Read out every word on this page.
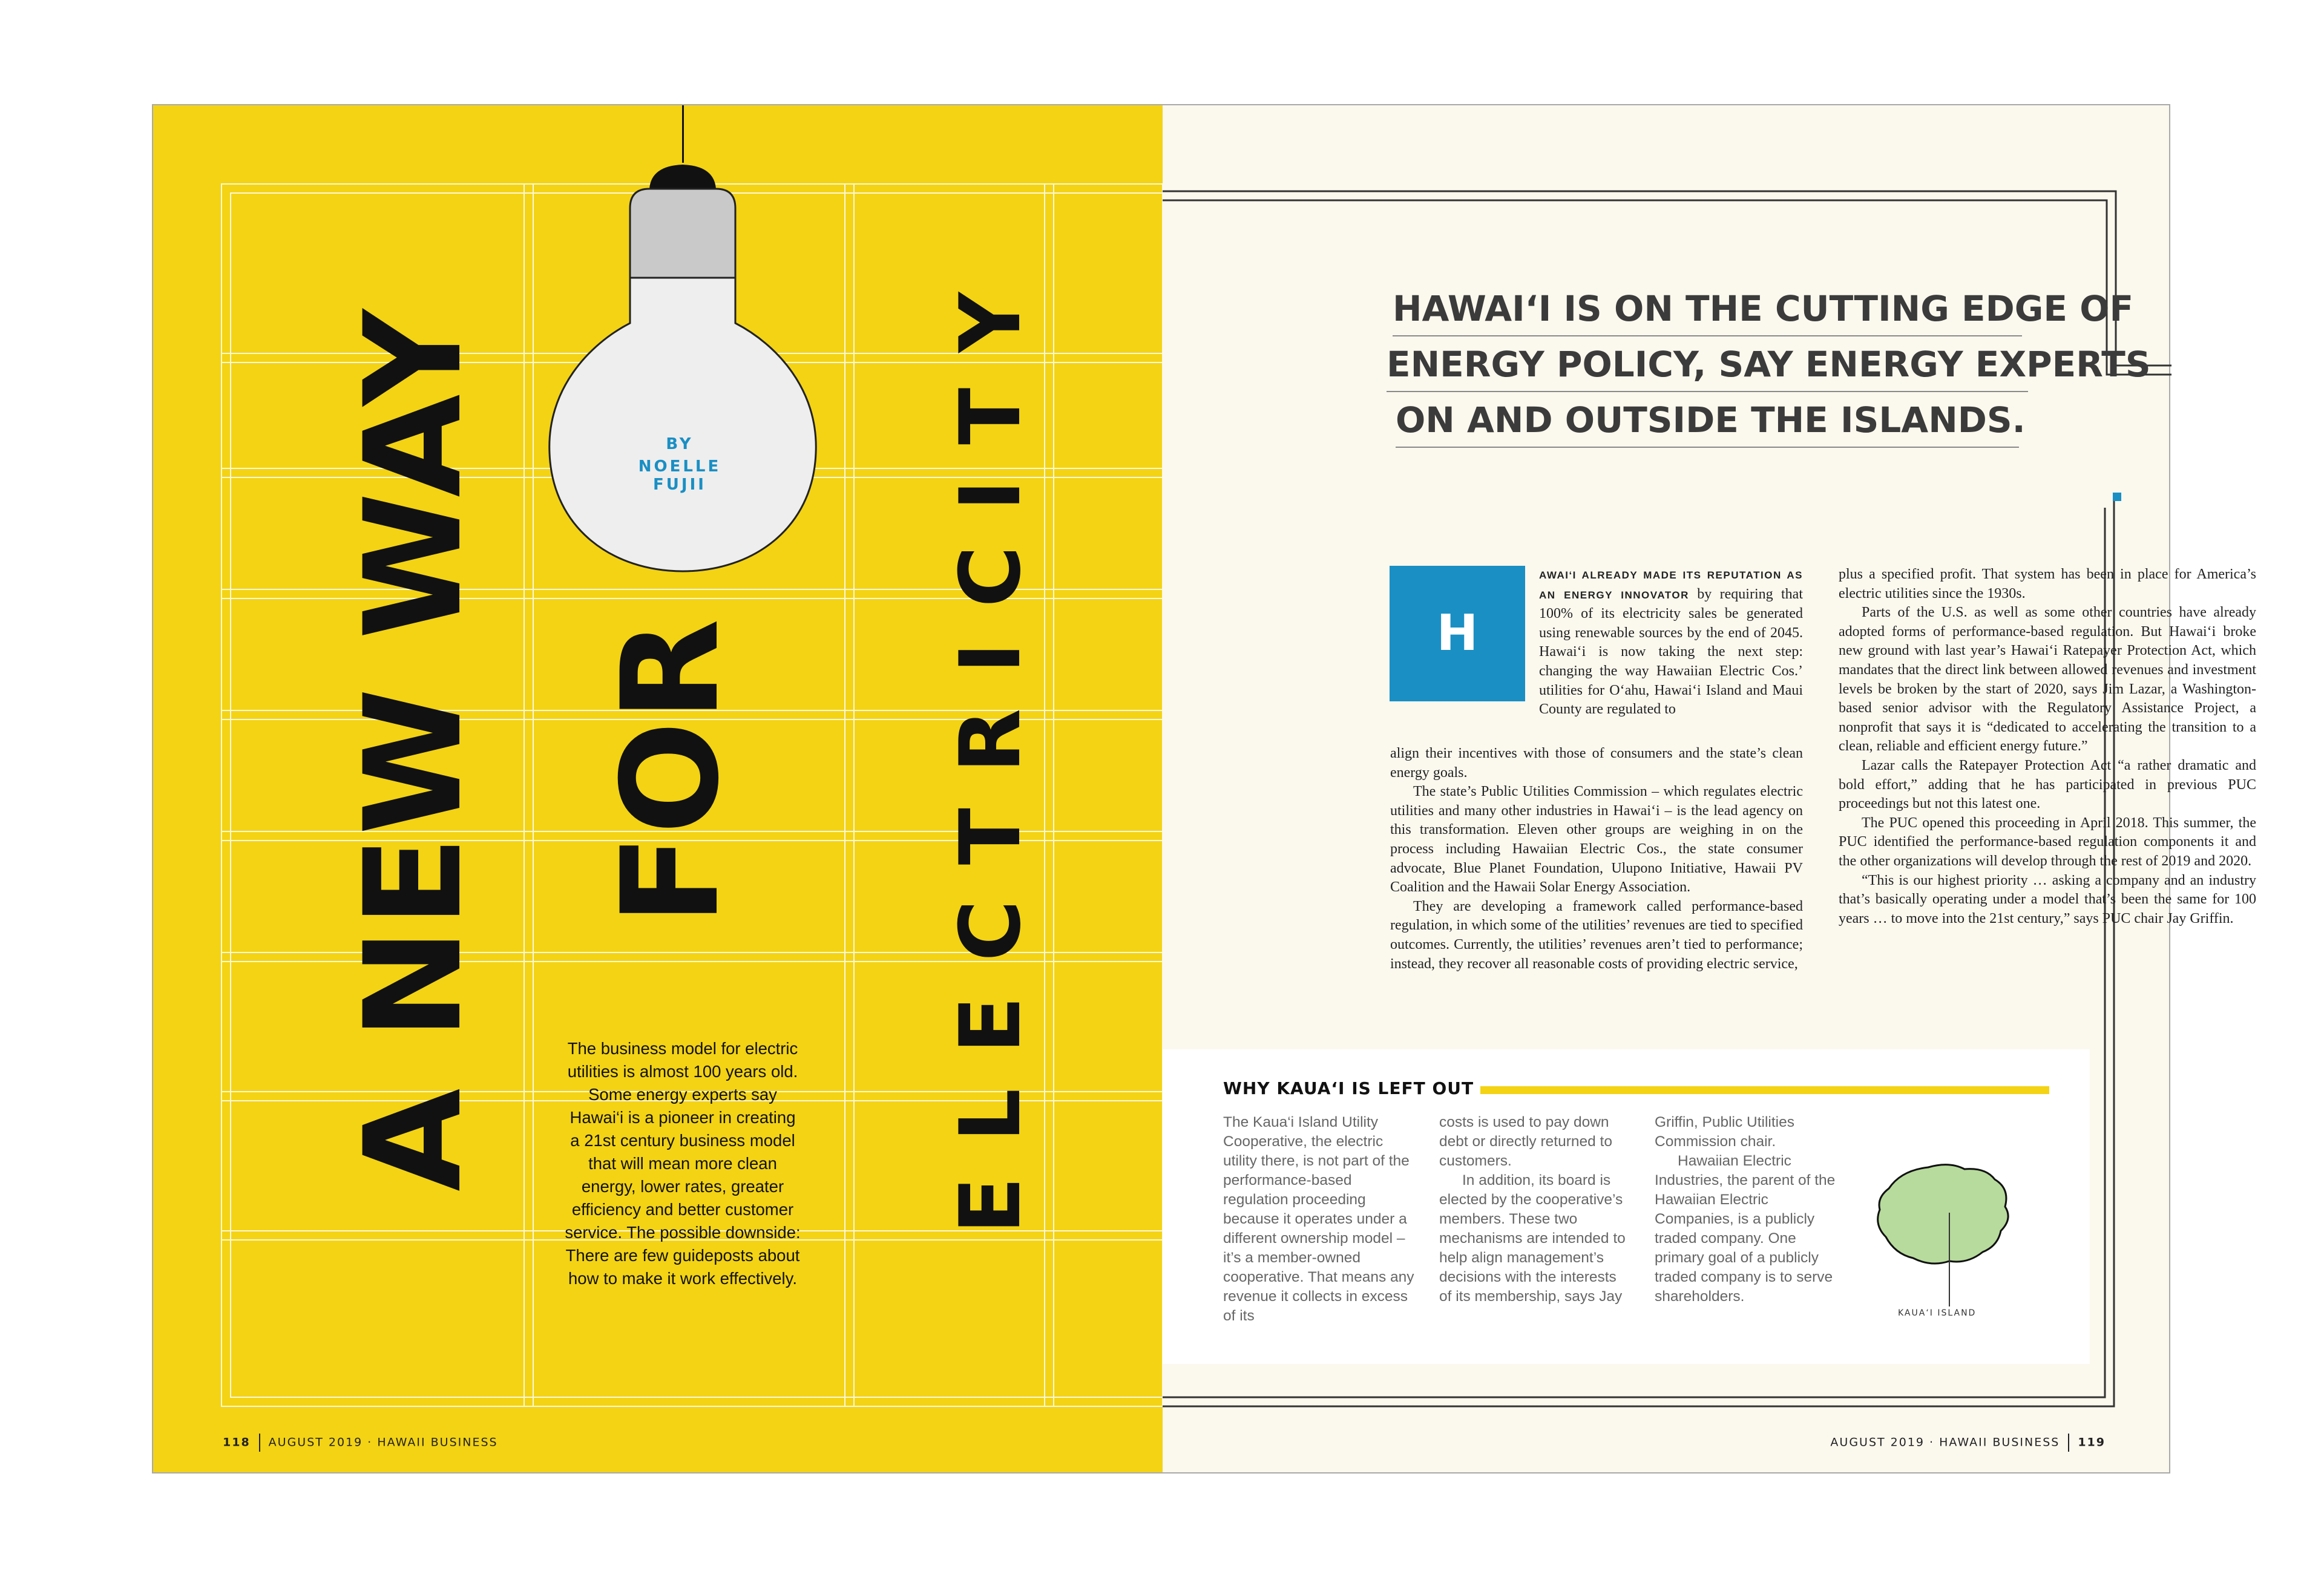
BY
NOELLE FUJII
A NEW WAY FOR ELECTRICITY
The business model for electric utilities is almost 100 years old. Some energy experts say Hawai‘i is a pioneer in creating a 21st century business model that will mean more clean energy, lower rates, greater efficiency and better customer service. The possible downside: There are few guideposts about how to make it work effectively.
118 AUGUST 2019 · HAWAII BUSINESS
HAWAI‘I IS ON THE CUTTING EDGE OF
ENERGY POLICY, SAY ENERGY EXPERTS
ON AND OUTSIDE THE ISLANDS.
H

AWAI‘I ALREADY MADE ITS REPUTATION AS AN ENERGY INNOVATOR by requiring that 100% of its electricity sales be generated using renewable sources by the end of 2045. Hawai‘i is now taking the next step: changing the way Hawaiian Electric Cos.’ utilities for O‘ahu, Hawai‘i Island and Maui County are regulated to

align their incentives with those of consumers and the state’s clean energy goals.

The state’s Public Utilities Commission – which regulates electric utilities and many other industries in Hawai‘i – is the lead agency on this transformation. Eleven other groups are weighing in on the process including Hawaiian Electric Cos., the state consumer advocate, Blue Planet Foundation, Ulupono Initiative, Hawaii PV Coalition and the Hawaii Solar Energy Association.

They are developing a framework called performance-based regulation, in which some of the utilities’ revenues are tied to specified outcomes. Currently, the utilities’ revenues aren’t tied to performance; instead, they recover all reasonable costs of providing electric service,

plus a specified profit. That system has been in place for America’s electric utilities since the 1930s.

Parts of the U.S. as well as some other countries have already adopted forms of performance-based regulation. But Hawai‘i broke new ground with last year’s Hawai‘i Ratepayer Protection Act, which mandates that the direct link between allowed revenues and investment levels be broken by the start of 2020, says Jim Lazar, a Washington-based senior advisor with the Regulatory Assistance Project, a nonprofit that says it is “dedicated to accelerating the transition to a clean, reliable and efficient energy future.”

Lazar calls the Ratepayer Protection Act “a rather dramatic and bold effort,” adding that he has participated in previous PUC proceedings but not this latest one.

The PUC opened this proceeding in April 2018. This summer, the PUC identified the performance-based regulation components it and the other organizations will develop through the rest of 2019 and 2020.

“This is our highest priority … asking a company and an industry that’s basically operating under a model that’s been the same for 100 years … to move into the 21st century,” says PUC chair Jay Griffin.

WHY KAUA‘I IS LEFT OUT

The Kaua‘i Island Utility Cooperative, the electric utility there, is not part of the performance-based regulation proceeding because it operates under a different ownership model – it’s a member-owned cooperative. That means any revenue it collects in excess of its

costs is used to pay down debt or directly returned to customers.

In addition, its board is elected by the cooperative’s members. These two mechanisms are intended to help align management’s decisions with the interests of its membership, says Jay

Griffin, Public Utilities Commission chair.

Hawaiian Electric Industries, the parent of the Hawaiian Electric Companies, is a publicly traded company. One primary goal of a publicly traded company is to serve shareholders.

KAUA‘I ISLAND
AUGUST 2019 · HAWAII BUSINESS 119
